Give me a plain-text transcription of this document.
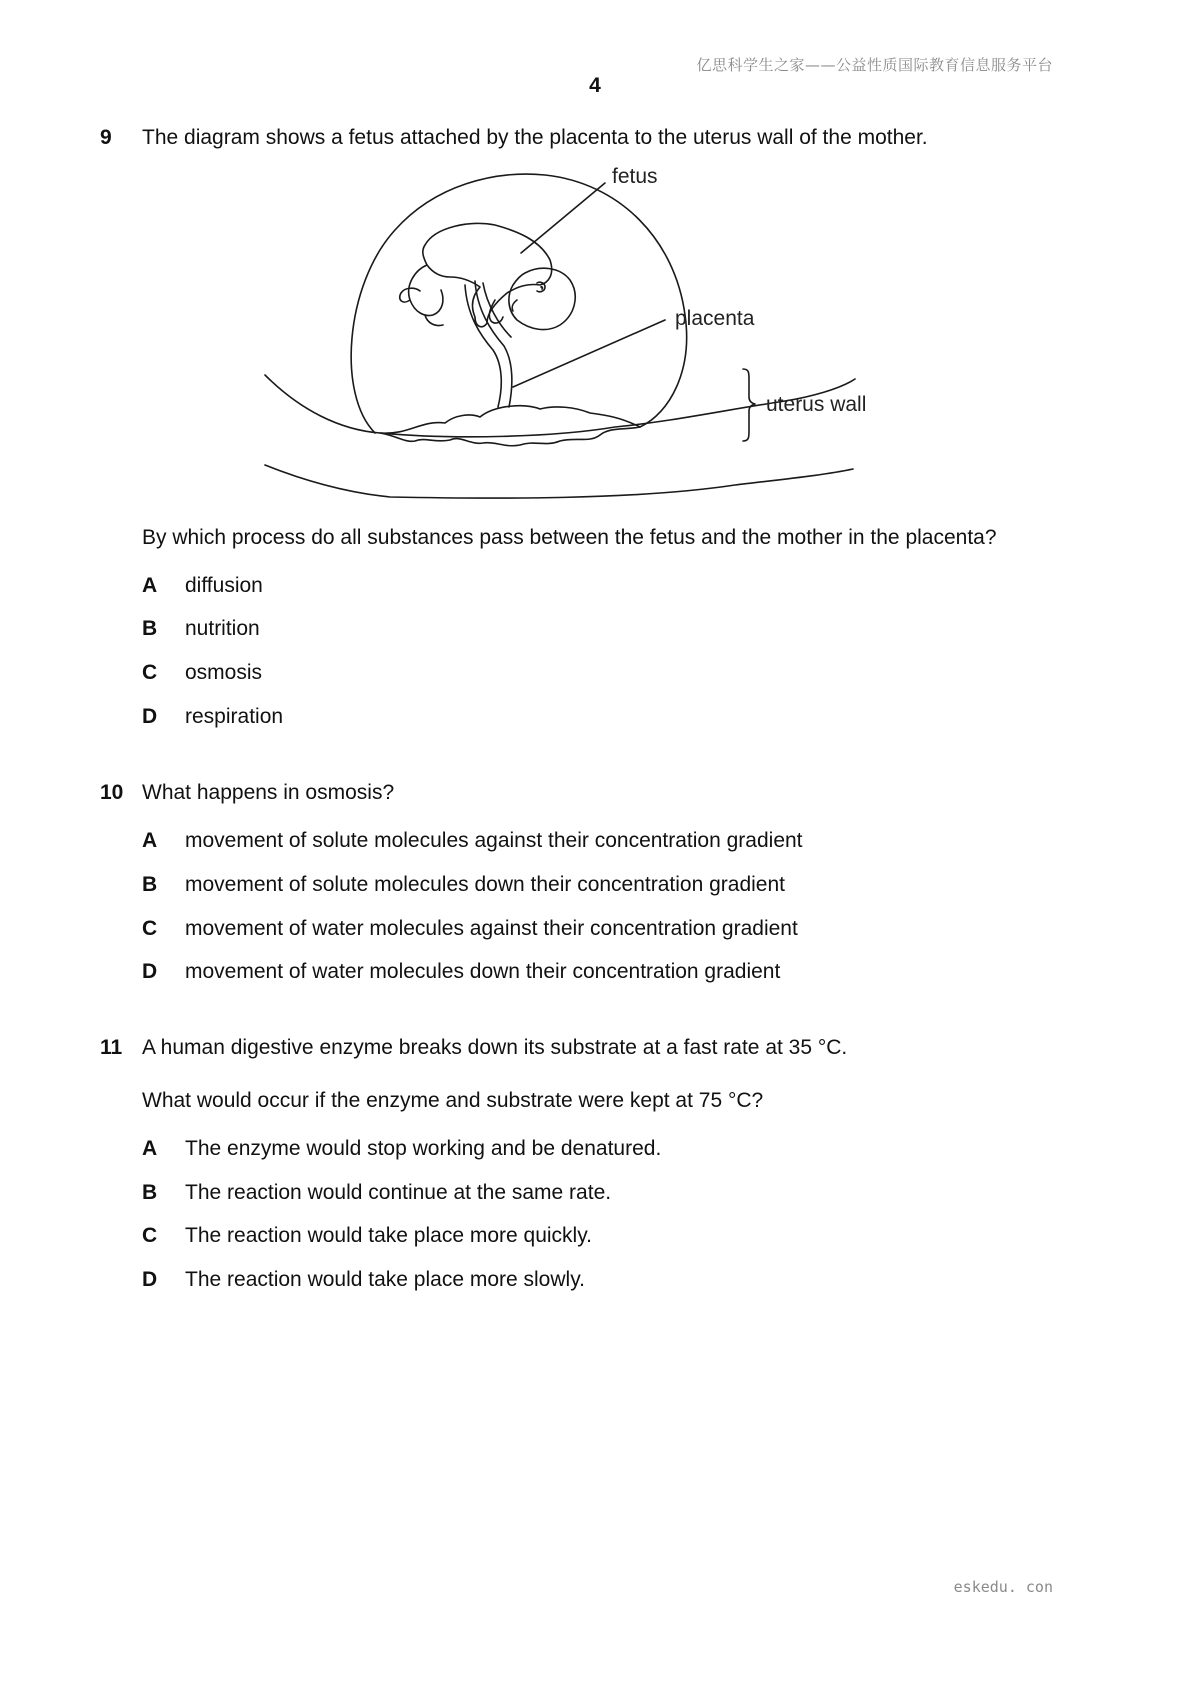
亿思科学生之家——公益性质国际教育信息服务平台
4
9 The diagram shows a fetus attached by the placenta to the uterus wall of the mother.
fetus
placenta
uterus wall
By which process do all substances pass between the fetus and the mother in the placenta?
A diffusion
B nutrition
C osmosis
D respiration
10 What happens in osmosis?
A movement of solute molecules against their concentration gradient
B movement of solute molecules down their concentration gradient
C movement of water molecules against their concentration gradient
D movement of water molecules down their concentration gradient
11 A human digestive enzyme breaks down its substrate at a fast rate at 35 °C.
What would occur if the enzyme and substrate were kept at 75 °C?
A The enzyme would stop working and be denatured.
B The reaction would continue at the same rate.
C The reaction would take place more quickly.
D The reaction would take place more slowly.
eskedu. con
